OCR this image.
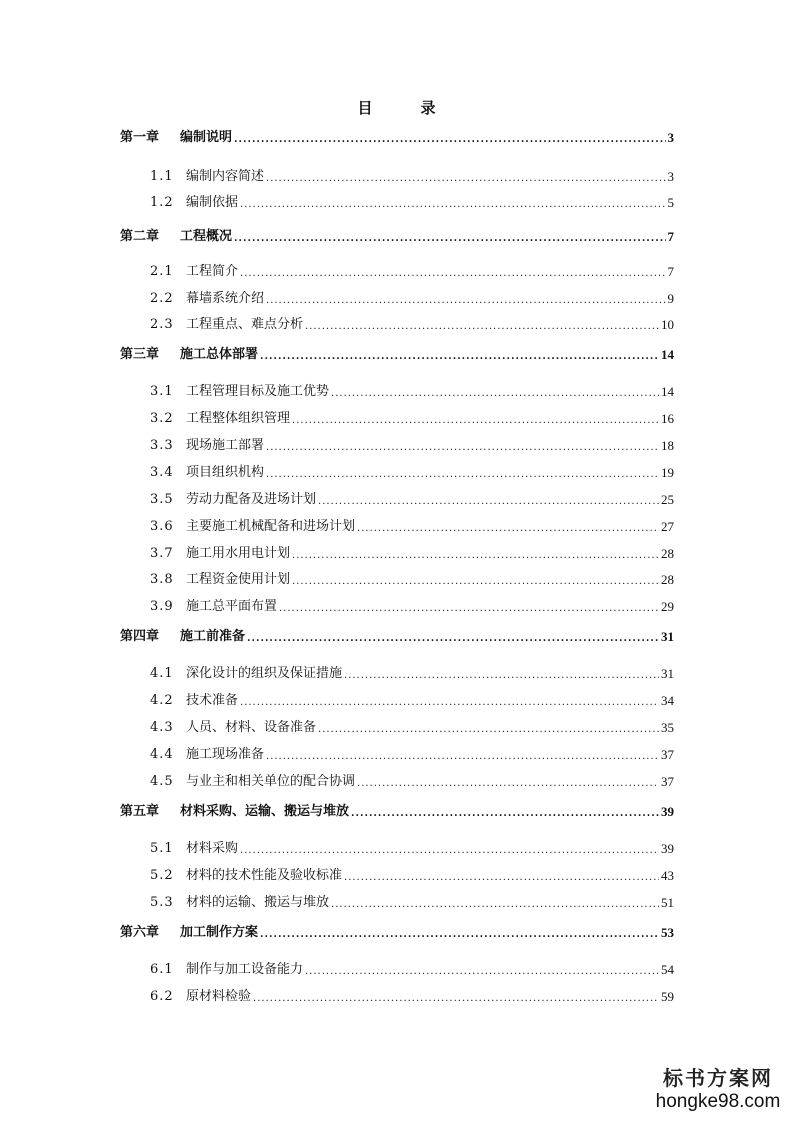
目	录
第一章	编制说明 .....	3
1.1 编制内容简述 .....	3
1.2 编制依据 .....	5
第二章	工程概况 .....	7
2.1 工程简介 .....	7
2.2 幕墙系统介绍 .....	9
2.3 工程重点、难点分析 .....	10
第三章	施工总体部署 .....	14
3.1 工程管理目标及施工优势 .....	14
3.2 工程整体组织管理 .....	16
3.3 现场施工部署 .....	18
3.4 项目组织机构 .....	19
3.5 劳动力配备及进场计划 .....	25
3.6 主要施工机械配备和进场计划 .....	27
3.7 施工用水用电计划 .....	28
3.8 工程资金使用计划 .....	28
3.9 施工总平面布置 .....	29
第四章	施工前准备 .....	31
4.1 深化设计的组织及保证措施 .....	31
4.2 技术准备 .....	34
4.3 人员、材料、设备准备 .....	35
4.4 施工现场准备 .....	37
4.5 与业主和相关单位的配合协调 .....	37
第五章	材料采购、运输、搬运与堆放 .....	39
5.1 材料采购 .....	39
5.2 材料的技术性能及验收标准 .....	43
5.3 材料的运输、搬运与堆放 .....	51
第六章	加工制作方案 .....	53
6.1 制作与加工设备能力 .....	54
6.2 原材料检验 .....	59
标书方案网
hongke98.com
